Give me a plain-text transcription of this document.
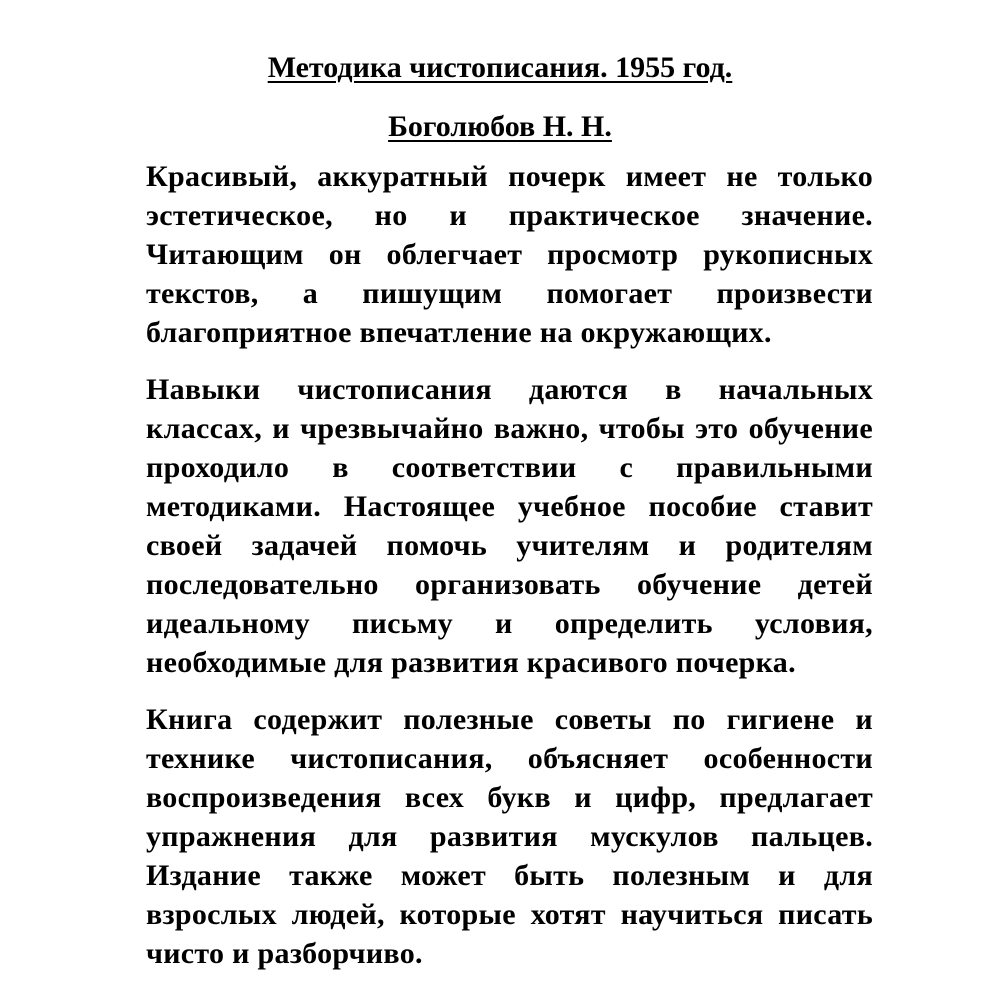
Методика чистописания. 1955 год.
Боголюбов Н. Н.

Красивый, аккуратный почерк имеет не только эстетическое, но и практическое значение. Читающим он облегчает просмотр рукописных текстов, а пишущим помогает произвести благоприятное впечатление на окружающих.

Навыки чистописания даются в начальных классах, и чрезвычайно важно, чтобы это обучение проходило в соответствии с правильными методиками. Настоящее учебное пособие ставит своей задачей помочь учителям и родителям последовательно организовать обучение детей идеальному письму и определить условия, необходимые для развития красивого почерка.

Книга содержит полезные советы по гигиене и технике чистописания, объясняет особенности воспроизведения всех букв и цифр, предлагает упражнения для развития мускулов пальцев. Издание также может быть полезным и для взрослых людей, которые хотят научиться писать чисто и разборчиво.
